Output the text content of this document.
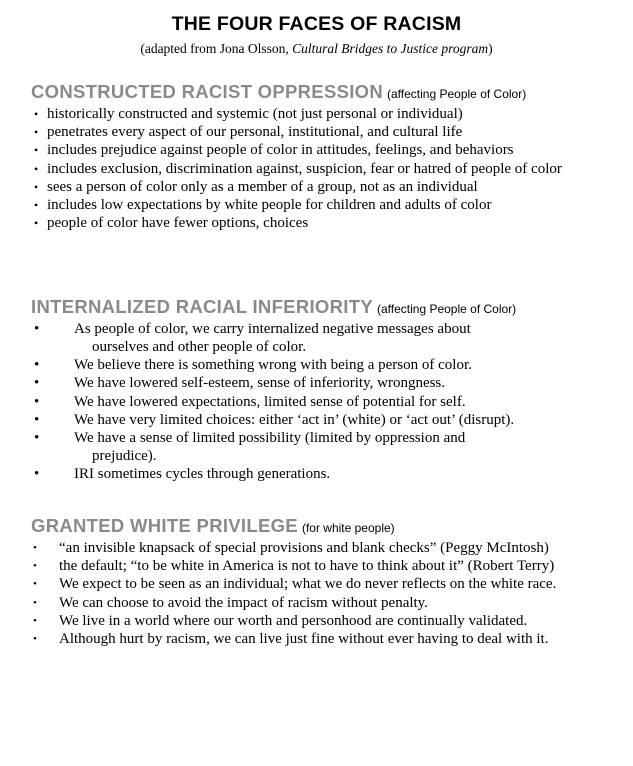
THE FOUR FACES OF RACISM
(adapted from Jona Olsson, Cultural Bridges to Justice program)
CONSTRUCTED RACIST OPPRESSION (affecting People of Color)
• historically constructed and systemic (not just personal or individual)
• penetrates every aspect of our personal, institutional, and cultural life
• includes prejudice against people of color in attitudes, feelings, and behaviors
• includes exclusion, discrimination against, suspicion, fear or hatred of people of color
• sees a person of color only as a member of a group, not as an individual
• includes low expectations by white people for children and adults of color
• people of color have fewer options, choices
INTERNALIZED RACIAL INFERIORITY (affecting People of Color)
• As people of color, we carry internalized negative messages about
ourselves and other people of color.
• We believe there is something wrong with being a person of color.
• We have lowered self-esteem, sense of inferiority, wrongness.
• We have lowered expectations, limited sense of potential for self.
• We have very limited choices: either ‘act in’ (white) or ‘act out’ (disrupt).
• We have a sense of limited possibility (limited by oppression and
prejudice).
• IRI sometimes cycles through generations.
GRANTED WHITE PRIVILEGE (for white people)
• “an invisible knapsack of special provisions and blank checks” (Peggy McIntosh)
• the default; “to be white in America is not to have to think about it” (Robert Terry)
• We expect to be seen as an individual; what we do never reflects on the white race.
• We can choose to avoid the impact of racism without penalty.
• We live in a world where our worth and personhood are continually validated.
• Although hurt by racism, we can live just fine without ever having to deal with it.
